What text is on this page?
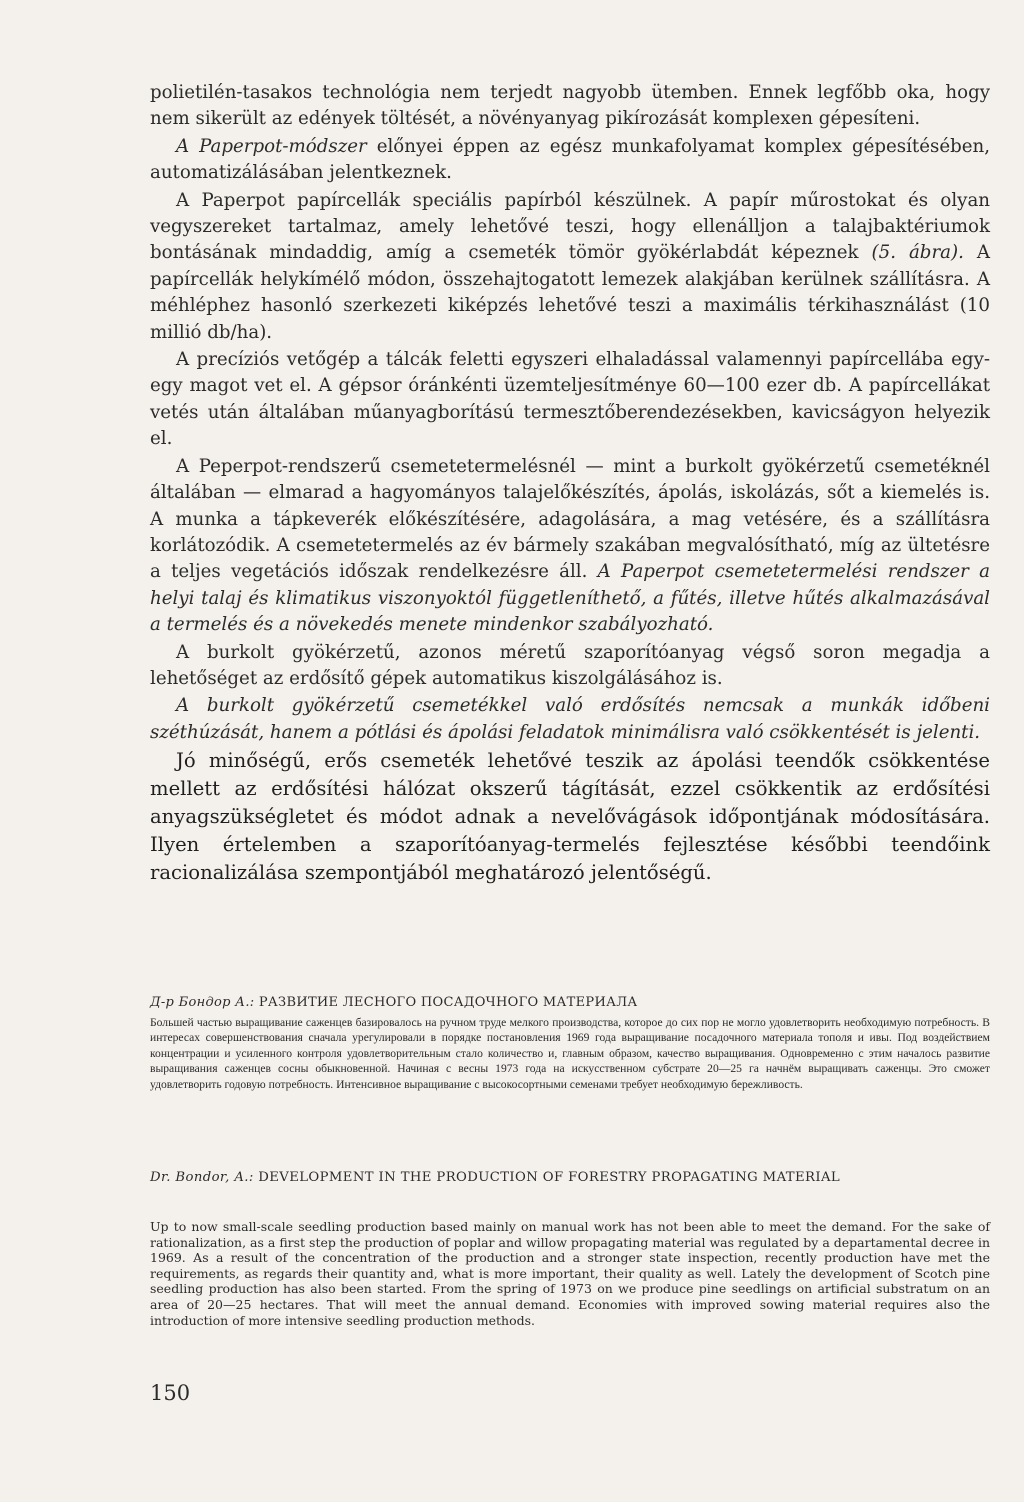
polietilén-tasakos technológia nem terjedt nagyobb ütemben. Ennek legfőbb oka, hogy nem sikerült az edények töltését, a növényanyag pikírozását komplexen gépesíteni.

A Paperpot-módszer előnyei éppen az egész munkafolyamat komplex gépesítésében, automatizálásában jelentkeznek.

A Paperpot papírcellák speciális papírból készülnek. A papír műrostokat és olyan vegyszereket tartalmaz, amely lehetővé teszi, hogy ellenálljon a talajbaktériumok bontásának mindaddig, amíg a csemeték tömör gyökérlabdát képeznek (5. ábra). A papírcellák helykímélő módon, összehajtogatott lemezek alakjában kerülnek szállításra. A méhléphez hasonló szerkezeti kiképzés lehetővé teszi a maximális térkihasználást (10 millió db/ha).

A precíziós vetőgép a tálcák feletti egyszeri elhaladással valamennyi papírcellába egy-egy magot vet el. A gépsor óránkénti üzemteljesítménye 60—100 ezer db. A papírcellákat vetés után általában műanyagborítású termesztőberendezésekben, kavicságyon helyezik el.

A Peperpot-rendszerű csemetetermelésnél — mint a burkolt gyökérzetű csemetéknél általában — elmarad a hagyományos talajelőkészítés, ápolás, iskolázás, sőt a kiemelés is. A munka a tápkeverék előkészítésére, adagolására, a mag vetésére, és a szállításra korlátozódik. A csemetetermelés az év bármely szakában megvalósítható, míg az ültetésre a teljes vegetációs időszak rendelkezésre áll. A Paperpot csemetetermelési rendszer a helyi talaj és klimatikus viszonyoktól függetleníthető, a fűtés, illetve hűtés alkalmazásával a termelés és a növekedés menete mindenkor szabályozható.

A burkolt gyökérzetű, azonos méretű szaporítóanyag végső soron megadja a lehetőséget az erdősítő gépek automatikus kiszolgálásához is.

A burkolt gyökérzetű csemetékkel való erdősítés nemcsak a munkák időbeni széthúzását, hanem a pótlási és ápolási feladatok minimálisra való csökkentését is jelenti.

Jó minőségű, erős csemeték lehetővé teszik az ápolási teendők csökkentése mellett az erdősítési hálózat okszerű tágítását, ezzel csökkentik az erdősítési anyagszükségletet és módot adnak a nevelővágások időpontjának módosítására. Ilyen értelemben a szaporítóanyag-termelés fejlesztése későbbi teendőink racionalizálása szempontjából meghatározó jelentőségű.

Д-р Бондор А.: РАЗВИТИЕ ЛЕСНОГО ПОСАДОЧНОГО МАТЕРИАЛА
Большей частью выращивание саженцев базировалось на ручном труде мелкого производства, которое до сих пор не могло удовлетворить необходимую потребность. В интересах совершенствования сначала урегулировали в порядке постановления 1969 года выращивание посадочного материала тополя и ивы. Под воздействием концентрации и усиленного контроля удовлетворительным стало количество и, главным образом, качество выращивания. Одновременно с этим началось развитие выращивания саженцев сосны обыкновенной. Начиная с весны 1973 года на искусственном субстрате 20—25 га начнём выращивать саженцы. Это сможет удовлетворить годовую потребность. Интенсивное выращивание с высокосортными семенами требует необходимую бережливость.
Dr. Bondor, A.: DEVELOPMENT IN THE PRODUCTION OF FORESTRY PROPAGATING MATERIAL
Up to now small-scale seedling production based mainly on manual work has not been able to meet the demand. For the sake of rationalization, as a first step the production of poplar and willow propagating material was regulated by a departamental decree in 1969. As a result of the concentration of the production and a stronger state inspection, recently production have met the requirements, as regards their quantity and, what is more important, their quality as well. Lately the development of Scotch pine seedling production has also been started. From the spring of 1973 on we produce pine seedlings on artificial substratum on an area of 20—25 hectares. That will meet the annual demand. Economies with improved sowing material requires also the introduction of more intensive seedling production methods.
150
